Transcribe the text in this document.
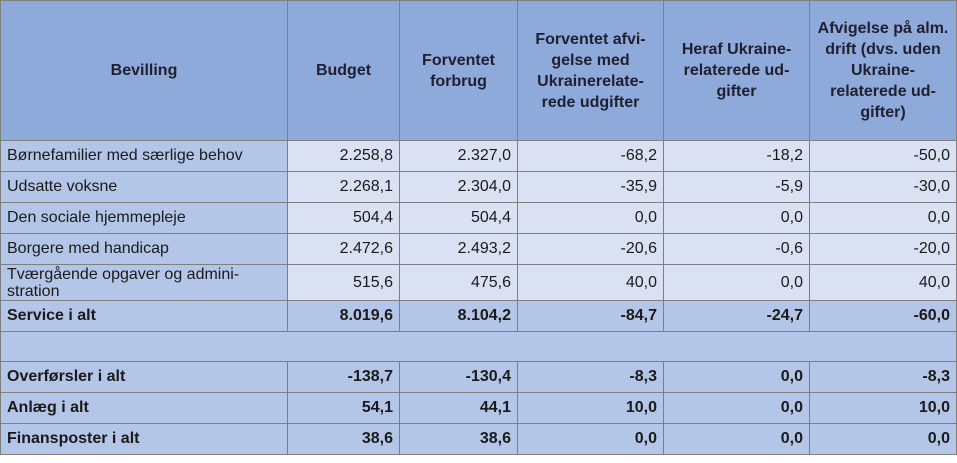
Bevilling	Budget	Forventet forbrug	Forventet afvi-gelse med Ukrainerelate-rede udgifter	Heraf Ukraine-relaterede ud-gifter	Afvigelse på alm. drift (dvs. uden Ukraine-relaterede ud-gifter)
Børnefamilier med særlige behov	2.258,8	2.327,0	-68,2	-18,2	-50,0
Udsatte voksne	2.268,1	2.304,0	-35,9	-5,9	-30,0
Den sociale hjemmepleje	504,4	504,4	0,0	0,0	0,0
Borgere med handicap	2.472,6	2.493,2	-20,6	-0,6	-20,0
Tværgående opgaver og admini-stration	515,6	475,6	40,0	0,0	40,0
Service i alt	8.019,6	8.104,2	-84,7	-24,7	-60,0

Overførsler i alt	-138,7	-130,4	-8,3	0,0	-8,3
Anlæg i alt	54,1	44,1	10,0	0,0	10,0
Finansposter i alt	38,6	38,6	0,0	0,0	0,0
